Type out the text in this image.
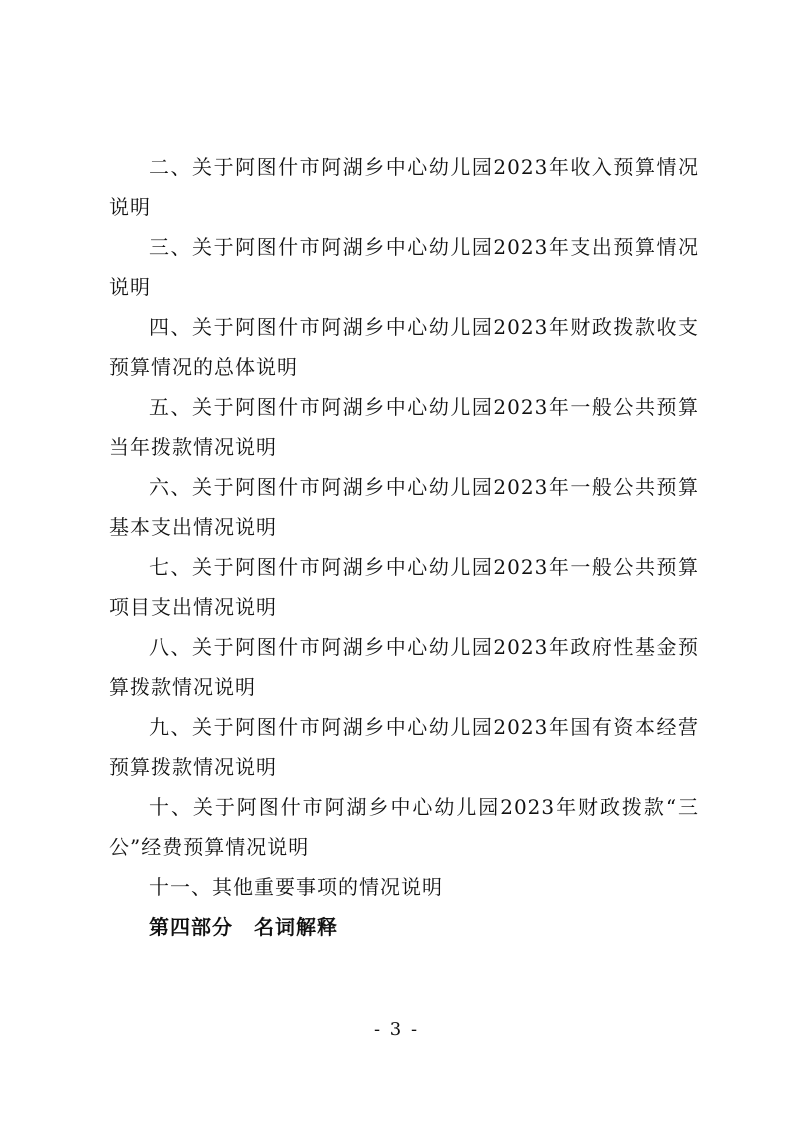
二、关于阿图什市阿湖乡中心幼儿园2023年收入预算情况
说明
三、关于阿图什市阿湖乡中心幼儿园2023年支出预算情况
说明
四、关于阿图什市阿湖乡中心幼儿园2023年财政拨款收支
预算情况的总体说明
五、关于阿图什市阿湖乡中心幼儿园2023年一般公共预算
当年拨款情况说明
六、关于阿图什市阿湖乡中心幼儿园2023年一般公共预算
基本支出情况说明
七、关于阿图什市阿湖乡中心幼儿园2023年一般公共预算
项目支出情况说明
八、关于阿图什市阿湖乡中心幼儿园2023年政府性基金预
算拨款情况说明
九、关于阿图什市阿湖乡中心幼儿园2023年国有资本经营
预算拨款情况说明
十、关于阿图什市阿湖乡中心幼儿园2023年财政拨款“三
公”经费预算情况说明
十一、其他重要事项的情况说明
第四部分　名词解释
- 3 -
